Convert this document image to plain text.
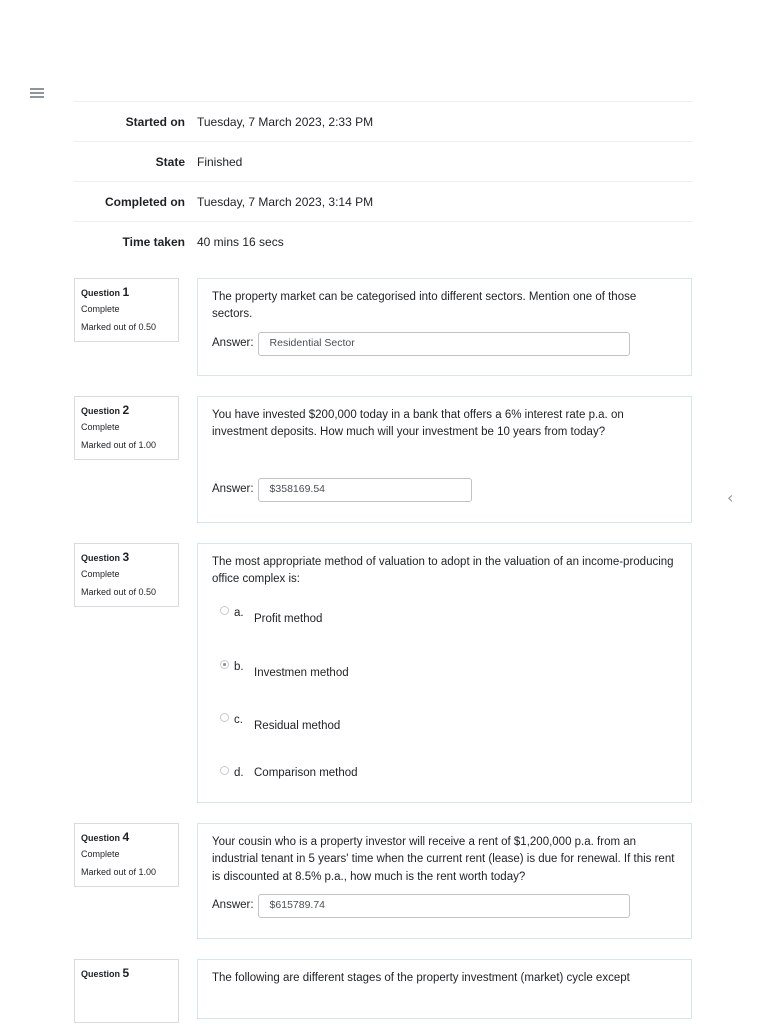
‹
Started on Tuesday, 7 March 2023, 2:33 PM
State Finished
Completed on Tuesday, 7 March 2023, 3:14 PM
Time taken 40 mins 16 secs
Question 1
Complete
Marked out of 0.50

The property market can be categorised into different sectors. Mention one of those sectors.

Answer:	Residential Sector
Question 2
Complete
Marked out of 1.00

You have invested $200,000 today in a bank that offers a 6% interest rate p.a. on investment deposits. How much will your investment be 10 years from today?

Answer:	$358169.54
Question 3
Complete
Marked out of 0.50

The most appropriate method of valuation to adopt in the valuation of an income-producing office complex is:

a. Profit method
b. Investmen method
c. Residual method
d. Comparison method
Question 4
Complete
Marked out of 1.00

Your cousin who is a property investor will receive a rent of $1,200,000 p.a. from an industrial tenant in 5 years' time when the current rent (lease) is due for renewal. If this rent is discounted at 8.5% p.a., how much is the rent worth today?

Answer:	$615789.74
Question 5	The following are different stages of the property investment (market) cycle except
